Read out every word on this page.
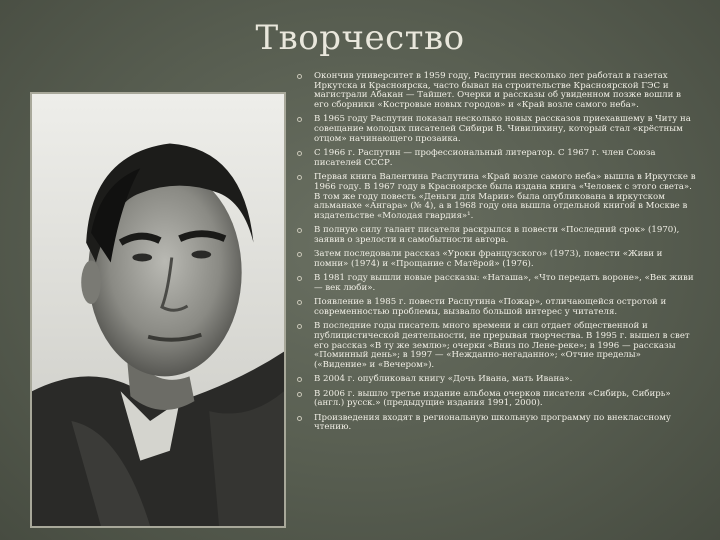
Творчество
Окончив университет в 1959 году, Распутин несколько лет работал в газетах Иркутска и Красноярска, часто бывал на строительстве Красноярской ГЭС и магистрали Абакан — Тайшет. Очерки и рассказы об увиденном позже вошли в его сборники «Костровые новых городов» и «Край возле самого неба».
В 1965 году Распутин показал несколько новых рассказов приехавшему в Читу на совещание молодых писателей Сибири В. Чивилихину, который стал «крёстным отцом» начинающего прозаика.
С 1966 г. Распутин — профессиональный литератор. С 1967 г. член Союза писателей СССР.
Первая книга Валентина Распутина «Край возле самого неба» вышла в Иркутске в 1966 году. В 1967 году в Красноярске была издана книга «Человек с этого света». В том же году повесть «Деньги для Марии» была опубликована в иркутском альманахе «Ангара» (№ 4), а в 1968 году она вышла отдельной книгой в Москве в издательстве «Молодая гвардия»¹.
В полную силу талант писателя раскрылся в повести «Последний срок» (1970), заявив о зрелости и самобытности автора.
Затем последовали рассказ «Уроки французского» (1973), повести «Живи и помни» (1974) и «Прощание с Матёрой» (1976).
В 1981 году вышли новые рассказы: «Наташа», «Что передать вороне», «Век живи — век люби».
Появление в 1985 г. повести Распутина «Пожар», отличающейся остротой и современностью проблемы, вызвало большой интерес у читателя.
В последние годы писатель много времени и сил отдает общественной и публицистической деятельности, не прерывая творчества. В 1995 г. вышел в свет его рассказ «В ту же землю»; очерки «Вниз по Лене-реке»; в 1996 — рассказы «Поминный день»; в 1997 — «Нежданно-негаданно»; «Отчие пределы» («Видение» и «Вечером»).
В 2004 г. опубликовал книгу «Дочь Ивана, мать Ивана».
В 2006 г. вышло третье издание альбома очерков писателя «Сибирь, Сибирь» (англ.) русск.» (предыдущие издания 1991, 2000).
Произведения входят в региональную школьную программу по внеклассному чтению.
